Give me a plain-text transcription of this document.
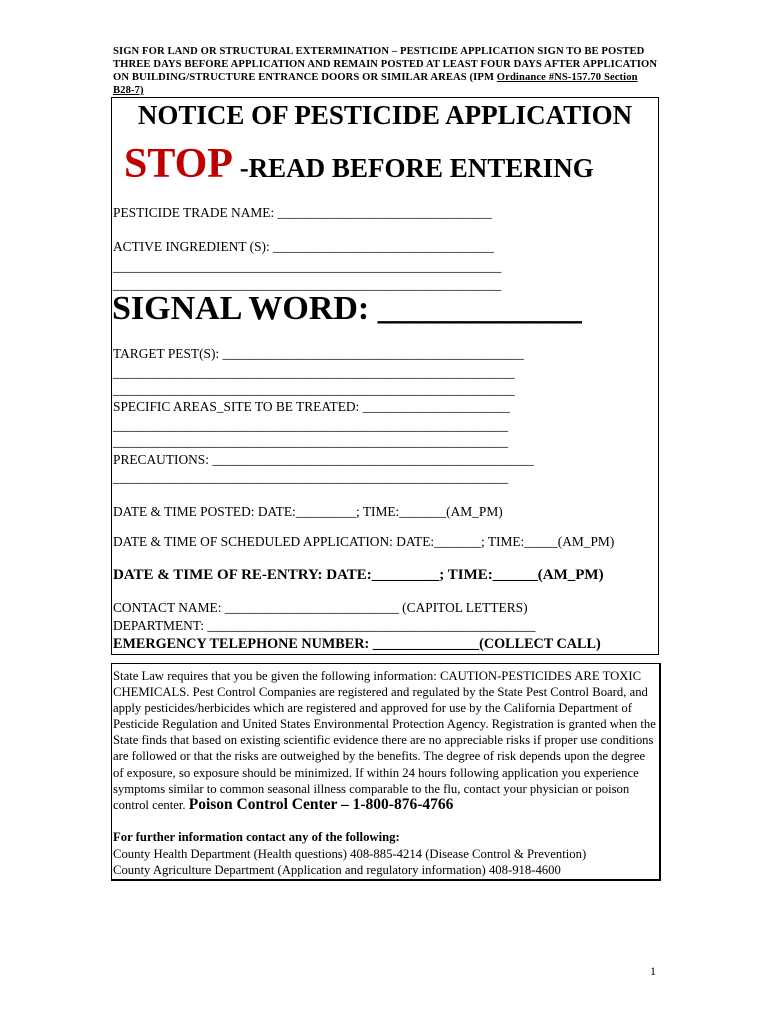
SIGN FOR LAND OR STRUCTURAL EXTERMINATION – PESTICIDE APPLICATION SIGN TO BE POSTED THREE DAYS BEFORE APPLICATION AND REMAIN POSTED AT LEAST FOUR DAYS AFTER APPLICATION ON BUILDING/STRUCTURE ENTRANCE DOORS OR SIMILAR AREAS (IPM Ordinance #NS-157.70 Section B28-7)
NOTICE OF PESTICIDE APPLICATION
STOP -READ BEFORE ENTERING
PESTICIDE TRADE NAME: ________________________________
ACTIVE INGREDIENT (S): _________________________________
__________________________________________________________
__________________________________________________________
SIGNAL WORD: ____________
TARGET PEST(S): _____________________________________________
____________________________________________________________
____________________________________________________________
SPECIFIC AREAS_SITE TO BE TREATED: ______________________
___________________________________________________________
___________________________________________________________
PRECAUTIONS: ________________________________________________
___________________________________________________________
DATE & TIME POSTED: DATE:_________; TIME:_______(AM_PM)
DATE & TIME OF SCHEDULED APPLICATION: DATE:_______; TIME:_____(AM_PM)
DATE & TIME OF RE-ENTRY: DATE:_________; TIME:______(AM_PM)
CONTACT NAME: __________________________ (CAPITOL LETTERS)
DEPARTMENT: _________________________________________________
EMERGENCY TELEPHONE NUMBER: _______________(COLLECT CALL)
State Law requires that you be given the following information: CAUTION-PESTICIDES ARE TOXIC CHEMICALS. Pest Control Companies are registered and regulated by the State Pest Control Board, and apply pesticides/herbicides which are registered and approved for use by the California Department of Pesticide Regulation and United States Environmental Protection Agency. Registration is granted when the State finds that based on existing scientific evidence there are no appreciable risks if proper use conditions are followed or that the risks are outweighed by the benefits. The degree of risk depends upon the degree of exposure, so exposure should be minimized. If within 24 hours following application you experience symptoms similar to common seasonal illness comparable to the flu, contact your physician or poison control center. Poison Control Center – 1-800-876-4766
For further information contact any of the following:
County Health Department (Health questions) 408-885-4214 (Disease Control & Prevention)
County Agriculture Department (Application and regulatory information) 408-918-4600
1
